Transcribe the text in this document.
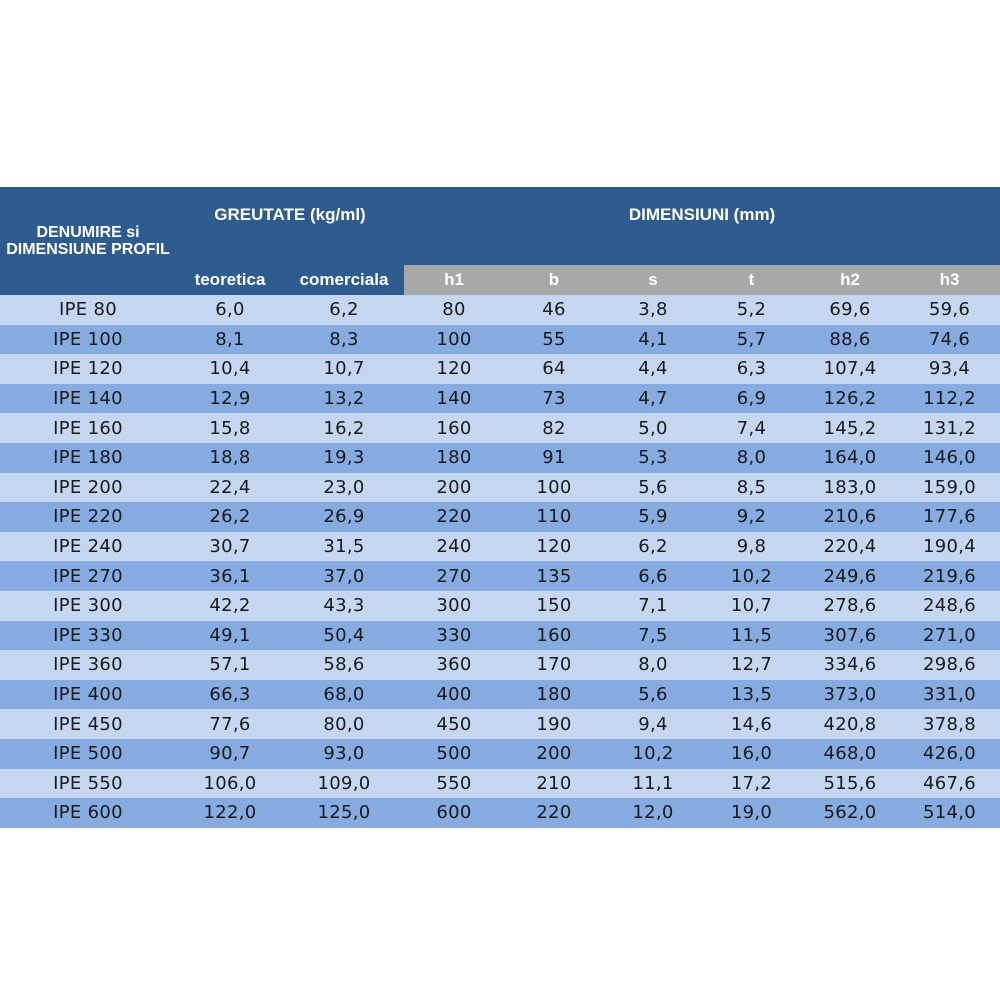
DENUMIRE si DIMENSIUNE PROFIL	GREUTATE (kg/ml)		DIMENSIUNI (mm)					
	teoretica	comerciala	h1	b	s	t	h2	h3
IPE 80	6,0	6,2	80	46	3,8	5,2	69,6	59,6
IPE 100	8,1	8,3	100	55	4,1	5,7	88,6	74,6
IPE 120	10,4	10,7	120	64	4,4	6,3	107,4	93,4
IPE 140	12,9	13,2	140	73	4,7	6,9	126,2	112,2
IPE 160	15,8	16,2	160	82	5,0	7,4	145,2	131,2
IPE 180	18,8	19,3	180	91	5,3	8,0	164,0	146,0
IPE 200	22,4	23,0	200	100	5,6	8,5	183,0	159,0
IPE 220	26,2	26,9	220	110	5,9	9,2	210,6	177,6
IPE 240	30,7	31,5	240	120	6,2	9,8	220,4	190,4
IPE 270	36,1	37,0	270	135	6,6	10,2	249,6	219,6
IPE 300	42,2	43,3	300	150	7,1	10,7	278,6	248,6
IPE 330	49,1	50,4	330	160	7,5	11,5	307,6	271,0
IPE 360	57,1	58,6	360	170	8,0	12,7	334,6	298,6
IPE 400	66,3	68,0	400	180	5,6	13,5	373,0	331,0
IPE 450	77,6	80,0	450	190	9,4	14,6	420,8	378,8
IPE 500	90,7	93,0	500	200	10,2	16,0	468,0	426,0
IPE 550	106,0	109,0	550	210	11,1	17,2	515,6	467,6
IPE 600	122,0	125,0	600	220	12,0	19,0	562,0	514,0
